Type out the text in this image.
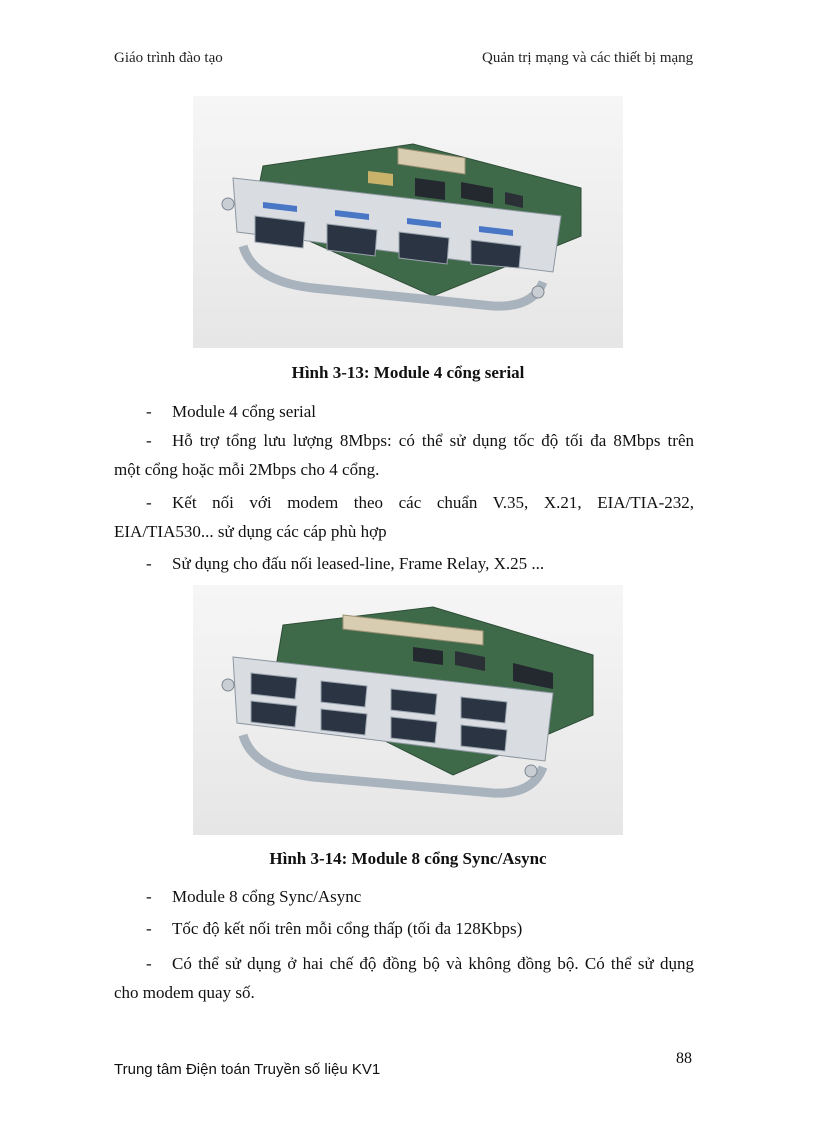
Giáo trình đào tạo	Quản trị mạng và các thiết bị mạng
Hình 3-13: Module 4 cổng serial
- Module 4 cổng serial
- Hỗ trợ tổng lưu lượng 8Mbps: có thể sử dụng tốc độ tối đa 8Mbps trên
một cổng hoặc mỗi 2Mbps cho 4 cổng.
- Kết nối với modem theo các chuẩn V.35, X.21, EIA/TIA-232,
EIA/TIA530... sử dụng các cáp phù hợp
- Sử dụng cho đấu nối leased-line, Frame Relay, X.25 ...
Hình 3-14: Module 8 cổng Sync/Async
- Module 8 cổng Sync/Async
- Tốc độ kết nối trên mỗi cổng thấp (tối đa 128Kbps)
- Có thể sử dụng ở hai chế độ đồng bộ và không đồng bộ. Có thể sử dụng
cho modem quay số.
88
Trung tâm Điện toán Truyền số liệu KV1
